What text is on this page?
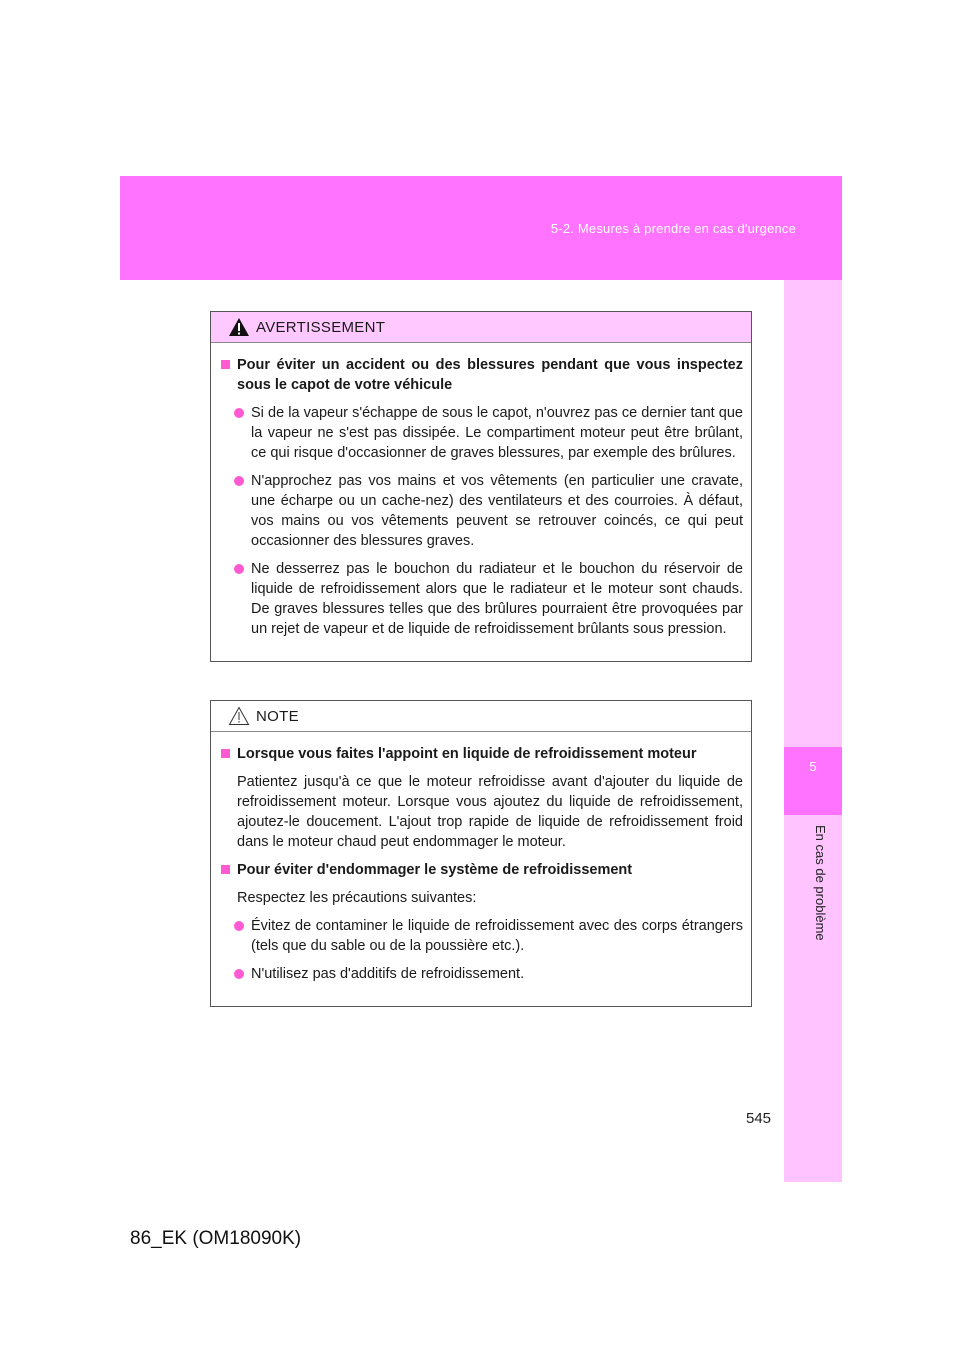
5-2. Mesures à prendre en cas d'urgence
5
En cas de problème
AVERTISSEMENT
Pour éviter un accident ou des blessures pendant que vous inspectez sous le capot de votre véhicule
Si de la vapeur s'échappe de sous le capot, n'ouvrez pas ce dernier tant que la vapeur ne s'est pas dissipée. Le compartiment moteur peut être brûlant, ce qui risque d'occasionner de graves blessures, par exemple des brûlures.
N'approchez pas vos mains et vos vêtements (en particulier une cravate, une écharpe ou un cache-nez) des ventilateurs et des courroies. À défaut, vos mains ou vos vêtements peuvent se retrouver coincés, ce qui peut occasionner des blessures graves.
Ne desserrez pas le bouchon du radiateur et le bouchon du réservoir de liquide de refroidissement alors que le radiateur et le moteur sont chauds. De graves blessures telles que des brûlures pourraient être provoquées par un rejet de vapeur et de liquide de refroidissement brûlants sous pression.
NOTE
Lorsque vous faites l'appoint en liquide de refroidissement moteur
Patientez jusqu'à ce que le moteur refroidisse avant d'ajouter du liquide de refroidissement moteur. Lorsque vous ajoutez du liquide de refroidissement, ajoutez-le doucement. L'ajout trop rapide de liquide de refroidissement froid dans le moteur chaud peut endommager le moteur.
Pour éviter d'endommager le système de refroidissement
Respectez les précautions suivantes:
Évitez de contaminer le liquide de refroidissement avec des corps étrangers (tels que du sable ou de la poussière etc.).
N'utilisez pas d'additifs de refroidissement.
545
86_EK (OM18090K)
